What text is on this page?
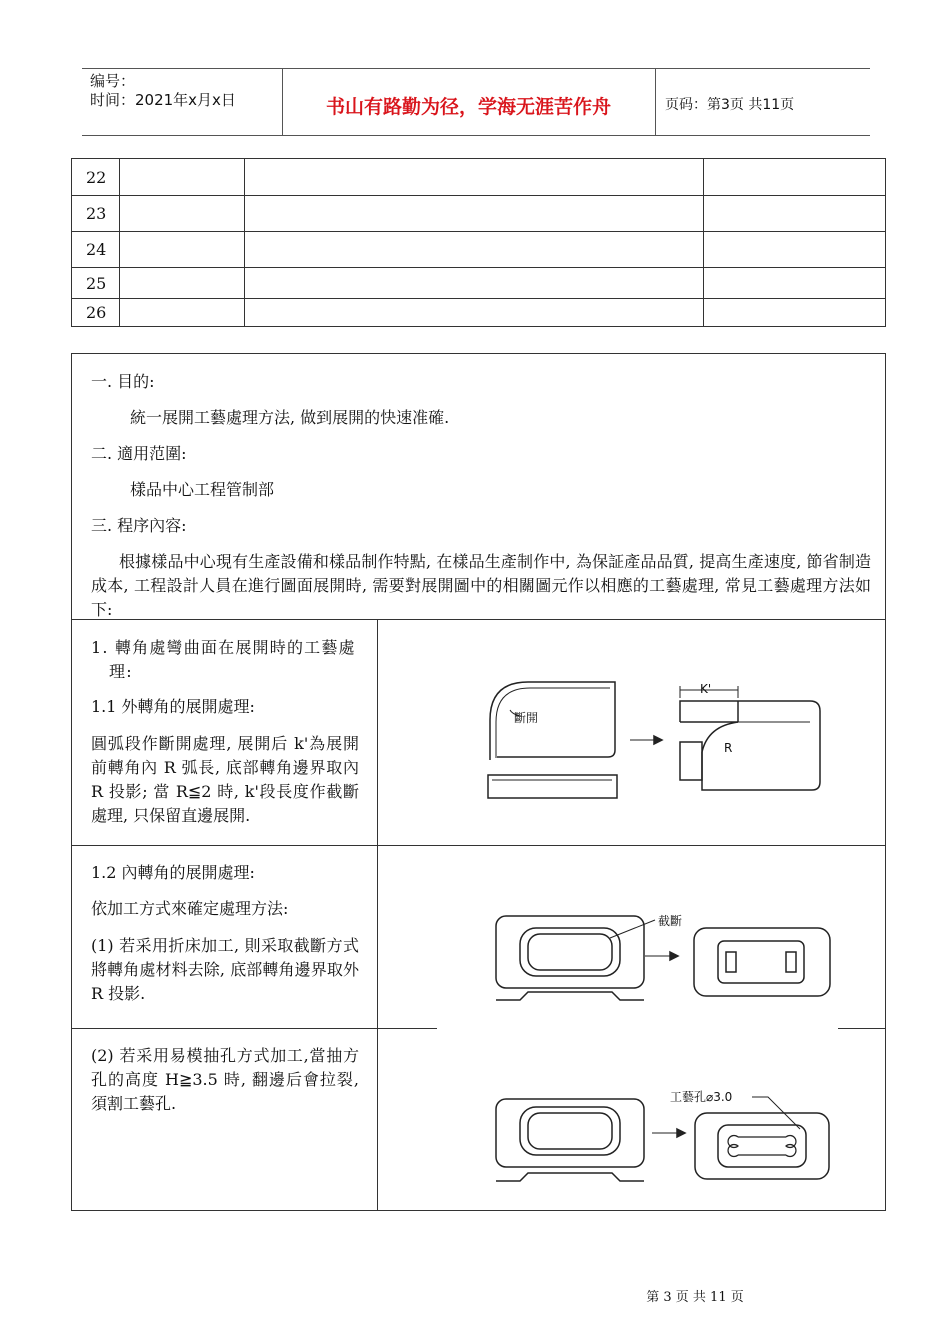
编号：
时间：2021年x月x日	书山有路勤为径，学海无涯苦作舟	页码：第3页 共11页
22			
23			
24			
25			
26			
一. 目的:
統一展開工藝處理方法, 做到展開的快速准確.
二. 適用范圍:
樣品中心工程管制部
三. 程序內容:
根據樣品中心現有生產設備和樣品制作特點, 在樣品生產制作中, 為保証產品品質, 提高生產速度, 節省制造成本, 工程設計人員在進行圖面展開時, 需要對展開圖中的相關圖元作以相應的工藝處理, 常見工藝處理方法如下:
1. 轉角處彎曲面在展開時的工藝處理:
1.1 外轉角的展開處理:
圓弧段作斷開處理, 展開后 k'為展開前轉角內 R 弧長, 底部轉角邊界取內 R 投影; 當 R≦2 時, k'段長度作截斷處理, 只保留直邊展開.
1.2 內轉角的展開處理:
依加工方式來確定處理方法:
(1) 若采用折床加工, 則采取截斷方式將轉角處材料去除, 底部轉角邊界取外 R 投影.
(2) 若采用易模抽孔方式加工,當抽方孔的高度 H≧3.5 時, 翻邊后會拉裂, 須割工藝孔.
斷開
K'
R
截斷
工藝孔⌀3.0
第 3 页 共 11 页
